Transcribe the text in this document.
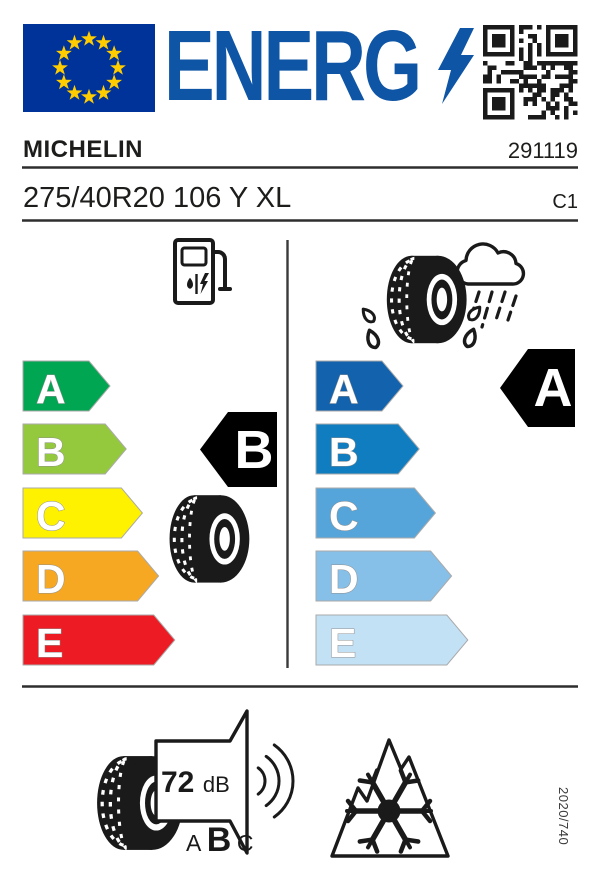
A
B
C
D
E
A
B
C
D
E
B
A
72 dB
A B C
ENERG
MICHELIN	291119
275/40R20 106 Y XL	C1
2020/740
